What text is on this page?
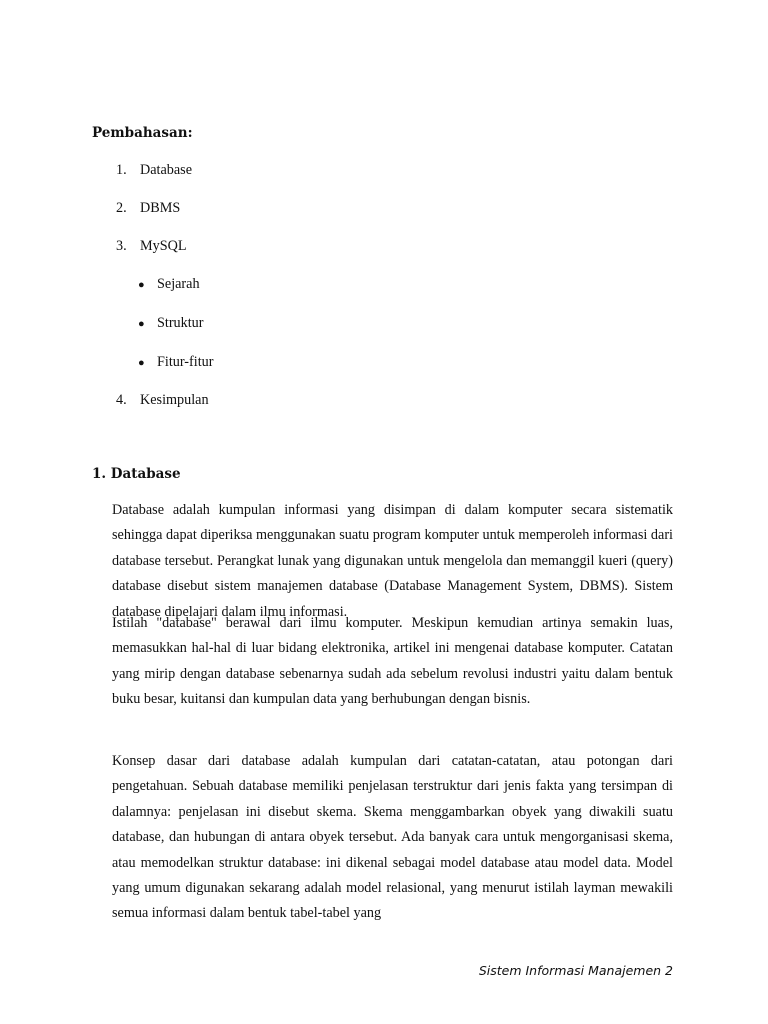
Pembahasan:

1. Database
2. DBMS
3. MySQL
● Sejarah
● Struktur
● Fitur-fitur
4. Kesimpulan

1. Database

Database adalah kumpulan informasi yang disimpan di dalam komputer secara sistematik sehingga dapat diperiksa menggunakan suatu program komputer untuk memperoleh informasi dari database tersebut. Perangkat lunak yang digunakan untuk mengelola dan memanggil kueri (query) database disebut sistem manajemen database (Database Management System, DBMS). Sistem database dipelajari dalam ilmu informasi.

Istilah "database" berawal dari ilmu komputer. Meskipun kemudian artinya semakin luas, memasukkan hal-hal di luar bidang elektronika, artikel ini mengenai database komputer. Catatan yang mirip dengan database sebenarnya sudah ada sebelum revolusi industri yaitu dalam bentuk buku besar, kuitansi dan kumpulan data yang berhubungan dengan bisnis.

Konsep dasar dari database adalah kumpulan dari catatan-catatan, atau potongan dari pengetahuan. Sebuah database memiliki penjelasan terstruktur dari jenis fakta yang tersimpan di dalamnya: penjelasan ini disebut skema. Skema menggambarkan obyek yang diwakili suatu database, dan hubungan di antara obyek tersebut. Ada banyak cara untuk mengorganisasi skema, atau memodelkan struktur database: ini dikenal sebagai model database atau model data. Model yang umum digunakan sekarang adalah model relasional, yang menurut istilah layman mewakili semua informasi dalam bentuk tabel-tabel yang

Sistem Informasi Manajemen 2
